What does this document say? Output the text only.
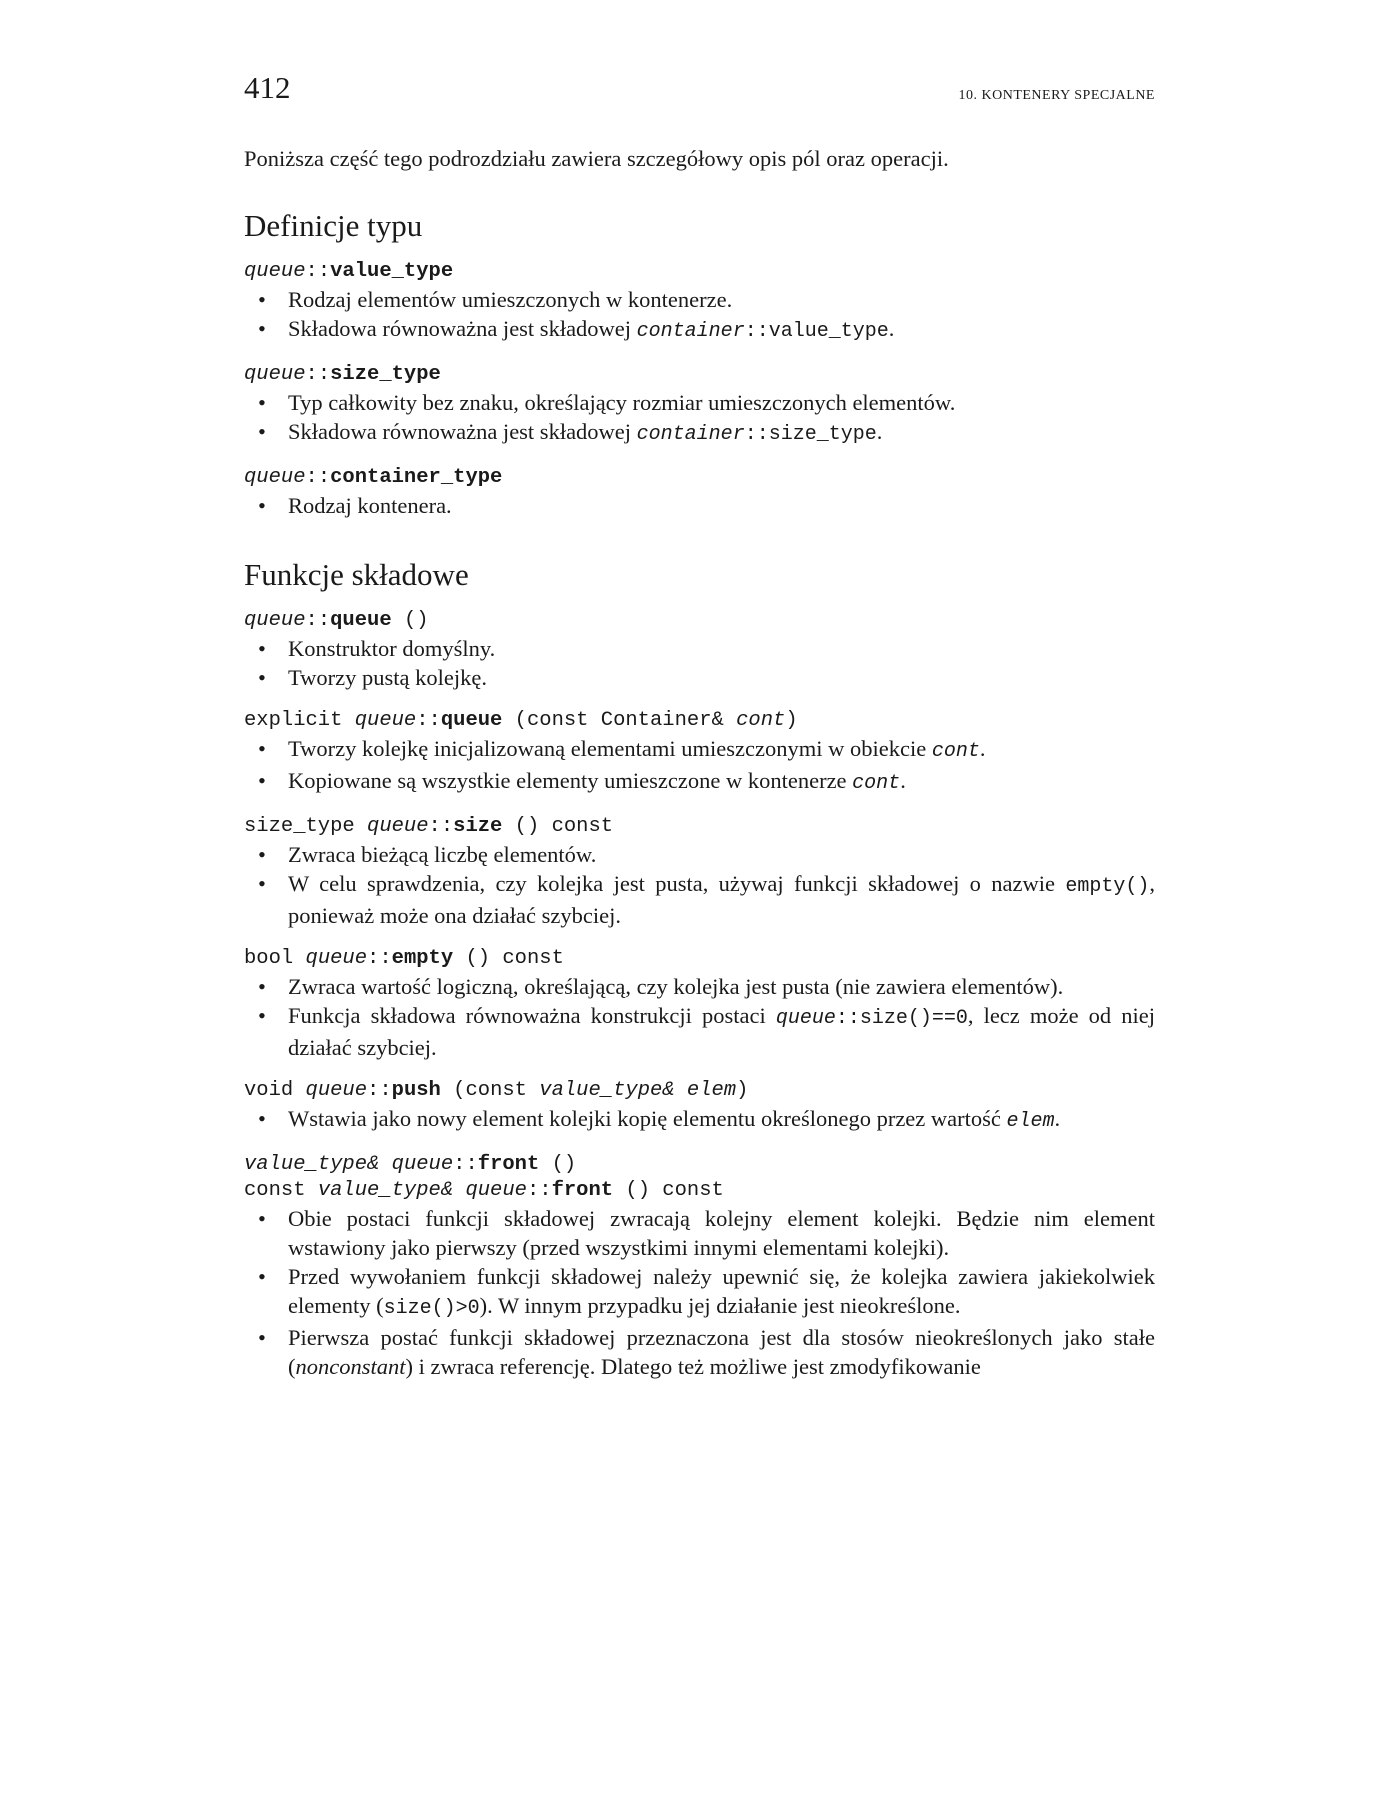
412	10. KONTENERY SPECJALNE

Poniższa część tego podrozdziału zawiera szczegółowy opis pól oraz operacji.

Definicje typu
queue::value_type
• Rodzaj elementów umieszczonych w kontenerze.
• Składowa równoważna jest składowej container::value_type.
queue::size_type
• Typ całkowity bez znaku, określający rozmiar umieszczonych elementów.
• Składowa równoważna jest składowej container::size_type.
queue::container_type
• Rodzaj kontenera.
Funkcje składowe
queue::queue ()
• Konstruktor domyślny.
• Tworzy pustą kolejkę.
explicit queue::queue (const Container& cont)
• Tworzy kolejkę inicjalizowaną elementami umieszczonymi w obiekcie cont.
• Kopiowane są wszystkie elementy umieszczone w kontenerze cont.
size_type queue::size () const
• Zwraca bieżącą liczbę elementów.
• W celu sprawdzenia, czy kolejka jest pusta, używaj funkcji składowej o nazwie empty(), ponieważ może ona działać szybciej.
bool queue::empty () const
• Zwraca wartość logiczną, określającą, czy kolejka jest pusta (nie zawiera elementów).
• Funkcja składowa równoważna konstrukcji postaci queue::size()==0, lecz może od niej działać szybciej.
void queue::push (const value_type& elem)
• Wstawia jako nowy element kolejki kopię elementu określonego przez wartość elem.
value_type& queue::front ()
const value_type& queue::front () const
• Obie postaci funkcji składowej zwracają kolejny element kolejki. Będzie nim element wstawiony jako pierwszy (przed wszystkimi innymi elementami kolejki).
• Przed wywołaniem funkcji składowej należy upewnić się, że kolejka zawiera jakiekolwiek elementy (size()>0). W innym przypadku jej działanie jest nieokreślone.
• Pierwsza postać funkcji składowej przeznaczona jest dla stosów nieokreślonych jako stałe (nonconstant) i zwraca referencję. Dlatego też możliwe jest zmodyfikowanie
